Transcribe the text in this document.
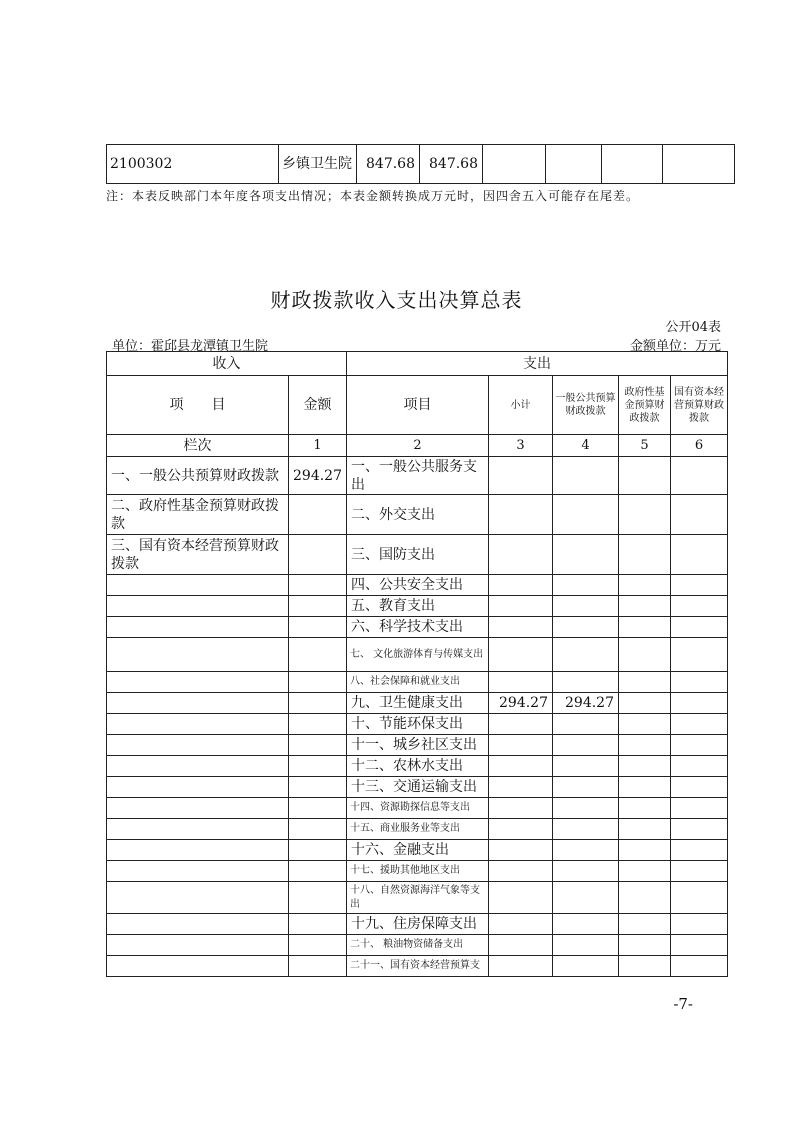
2100302	乡镇卫生院	847.68	847.68				
注：本表反映部门本年度各项支出情况；本表金额转换成万元时，因四舍五入可能存在尾差。
财政拨款收入支出决算总表
公开04表
单位：霍邱县龙潭镇卫生院	金额单位：万元
收入		支出				
项　　目	金额	项目	小计	一般公共预算财政拨款	政府性基金预算财政拨款	国有资本经营预算财政拨款
栏次	1	2	3	4	5	6
一、一般公共预算财政拨款	294.27	一、一般公共服务支出				
二、政府性基金预算财政拨款		二、外交支出				
三、国有资本经营预算财政拨款		三、国防支出				
		四、公共安全支出				
		五、教育支出				
		六、科学技术支出				
		七、 文化旅游体育与传媒支出				
		八、社会保障和就业支出				
		九、卫生健康支出	294.27	294.27		
		十、节能环保支出				
		十一、城乡社区支出				
		十二、农林水支出				
		十三、交通运输支出				
		十四、资源勘探信息等支出				
		十五、商业服务业等支出				
		十六、金融支出				
		十七、援助其他地区支出				
		十八、自然资源海洋气象等支出				
		十九、住房保障支出				
		二十、 粮油物资储备支出				
		二十一、国有资本经营预算支				
-7-
